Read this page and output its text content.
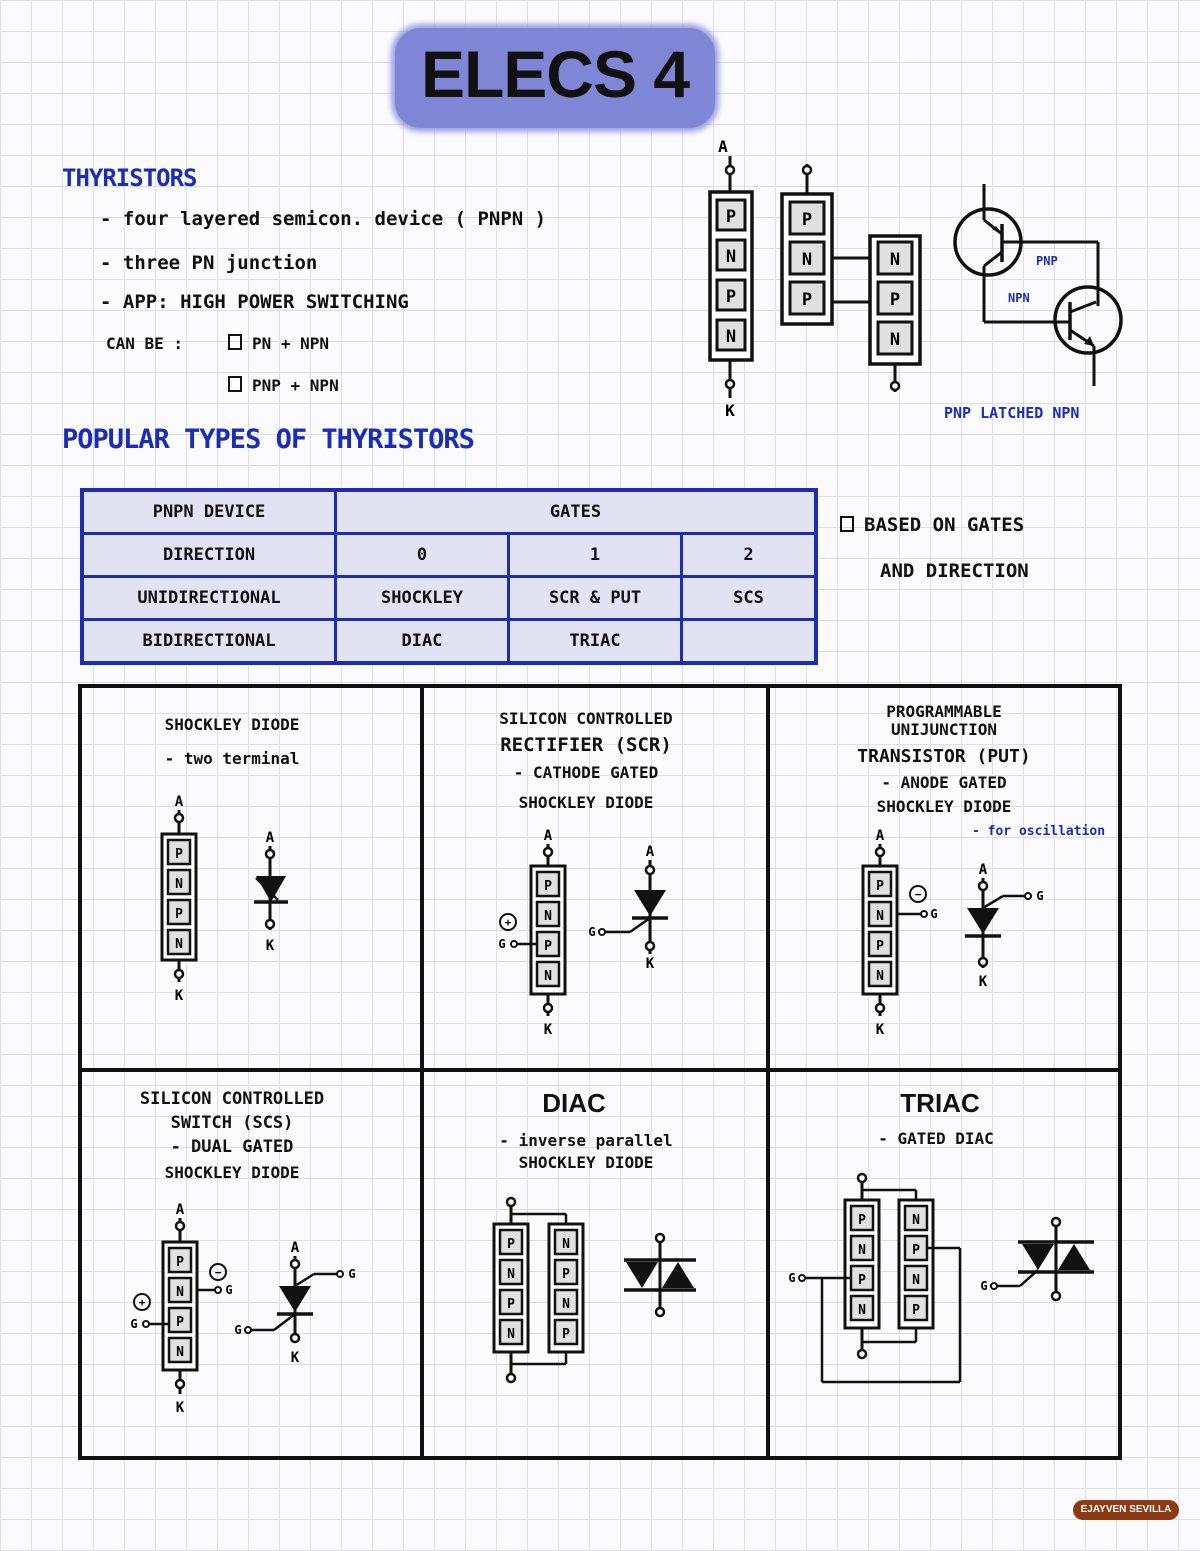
ELECS 4
THYRISTORS
- four layered semicon. device ( PNPN )
- three PN junction
- APP: HIGH POWER SWITCHING
CAN BE :	PN + NPN
PNP + NPN
A
P
N
P
N
K
P
N
P
N
P
N
PNP
NPN
PNP LATCHED NPN
POPULAR TYPES OF THYRISTORS
PNPN DEVICE	GATES		
DIRECTION	0	1	2
UNIDIRECTIONAL	SHOCKLEY	SCR & PUT	SCS
BIDIRECTIONAL	DIAC	TRIAC	
BASED ON GATES
AND DIRECTION
SHOCKLEY DIODE
- two terminal
A
P
N
P
N
K
A
K
SILICON CONTROLLED
RECTIFIER (SCR)
- CATHODE GATED
SHOCKLEY DIODE
A
P
N
P
N
K
+
G
A
G
K
PROGRAMMABLE
UNIJUNCTION
TRANSISTOR (PUT)
- ANODE GATED
SHOCKLEY DIODE
- for oscillation
A
P
N
P
N
K
−
G
A
G
K
SILICON CONTROLLED
SWITCH (SCS)
- DUAL GATED
SHOCKLEY DIODE
A
P
N
P
N
K
−
G
+
G
A
G
G
K
DIAC
- inverse parallel
SHOCKLEY DIODE
P
N
P
N
N
P
N
P
TRIAC
- GATED DIAC
P
N
P
N
N
P
N
P
G
G
EJAYVEN SEVILLA
